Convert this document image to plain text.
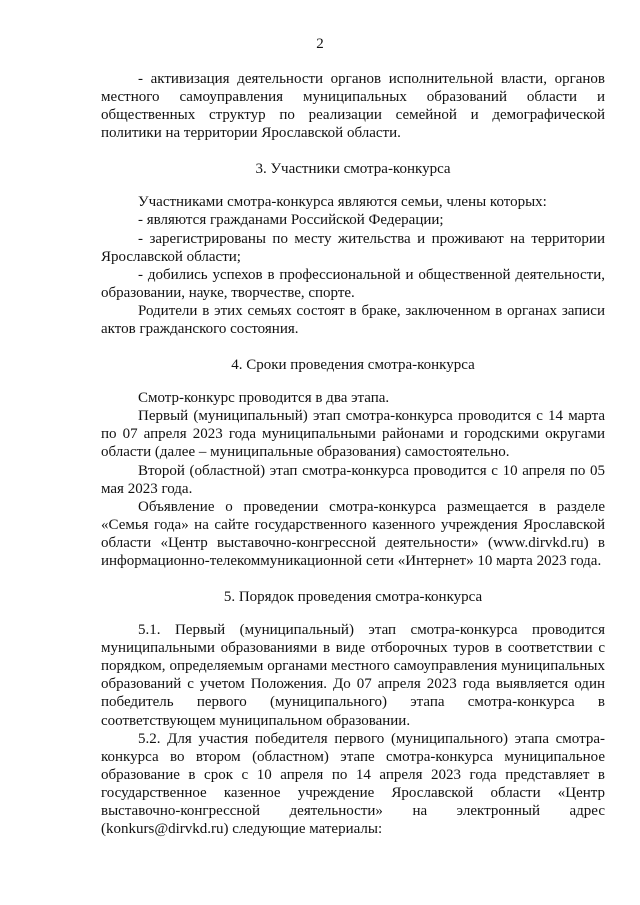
2

- активизация деятельности органов исполнительной власти, органов местного самоуправления муниципальных образований области и общественных структур по реализации семейной и демографической политики на территории Ярославской области.

3. Участники смотра-конкурса

Участниками смотра-конкурса являются семьи, члены которых:

- являются гражданами Российской Федерации;

- зарегистрированы по месту жительства и проживают на территории Ярославской области;

- добились успехов в профессиональной и общественной деятельности, образовании, науке, творчестве, спорте.

Родители в этих семьях состоят в браке, заключенном в органах записи актов гражданского состояния.

4. Сроки проведения смотра-конкурса

Смотр-конкурс проводится в два этапа.

Первый (муниципальный) этап смотра-конкурса проводится с 14 марта по 07 апреля 2023 года муниципальными районами и городскими округами области (далее – муниципальные образования) самостоятельно.

Второй (областной) этап смотра-конкурса проводится с 10 апреля по 05 мая 2023 года.

Объявление о проведении смотра-конкурса размещается в разделе «Семья года» на сайте государственного казенного учреждения Ярославской области «Центр выставочно-конгрессной деятельности» (www.dirvkd.ru) в информационно-телекоммуникационной сети «Интернет» 10 марта 2023 года.

5. Порядок проведения смотра-конкурса

5.1. Первый (муниципальный) этап смотра-конкурса проводится муниципальными образованиями в виде отборочных туров в соответствии с порядком, определяемым органами местного самоуправления муниципальных образований с учетом Положения. До 07 апреля 2023 года выявляется один победитель первого (муниципального) этапа смотра-конкурса в соответствующем муниципальном образовании.

5.2. Для участия победителя первого (муниципального) этапа смотра-конкурса во втором (областном) этапе смотра-конкурса муниципальное образование в срок с 10 апреля по 14 апреля 2023 года представляет в государственное казенное учреждение Ярославской области «Центр выставочно-конгрессной деятельности» на электронный адрес (konkurs@dirvkd.ru) следующие материалы:
